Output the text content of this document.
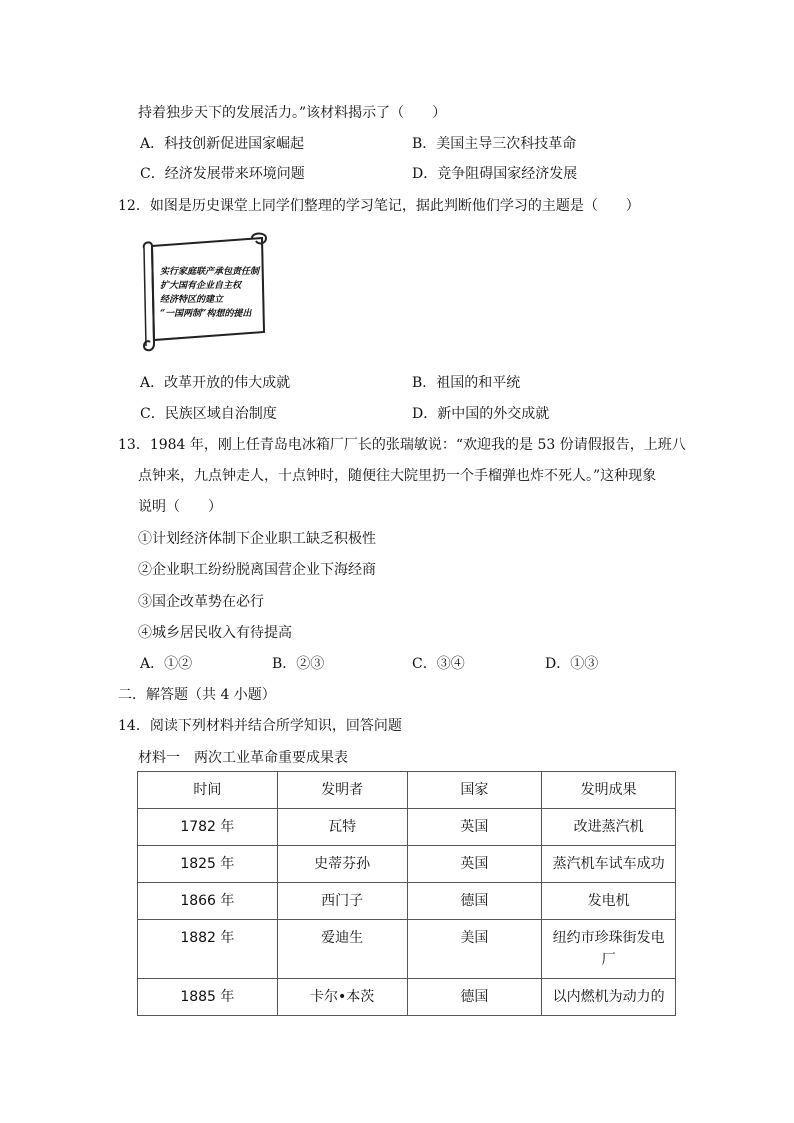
持着独步天下的发展活力。”该材料揭示了（　　）
A．科技创新促进国家崛起	B．美国主导三次科技革命
C．经济发展带来环境问题	D．竞争阻碍国家经济发展
12．如图是历史课堂上同学们整理的学习笔记，据此判断他们学习的主题是（　　）
实行家庭联产承包责任制
扩大国有企业自主权
经济特区的建立
“一国两制”构想的提出
A．改革开放的伟大成就	B．祖国的和平统
C．民族区域自治制度	D．新中国的外交成就
13．1984 年，刚上任青岛电冰箱厂厂长的张瑞敏说：“欢迎我的是 53 份请假报告，上班八
点钟来，九点钟走人，十点钟时，随便往大院里扔一个手榴弹也炸不死人。”这种现象
说明（　　）
①计划经济体制下企业职工缺乏积极性
②企业职工纷纷脱离国营企业下海经商
③国企改革势在必行
④城乡居民收入有待提高
A．①②	B．②③	C．③④	D．①③
二．解答题（共 4 小题）
14．阅读下列材料并结合所学知识，回答问题
材料一　两次工业革命重要成果表
时间	发明者	国家	发明成果
1782 年	瓦特	英国	改进蒸汽机
1825 年	史蒂芬孙	英国	蒸汽机车试车成功
1866 年	西门子	德国	发电机
1882 年	爱迪生	美国	纽约市珍珠街发电厂
1885 年	卡尔•本茨	德国	以内燃机为动力的
